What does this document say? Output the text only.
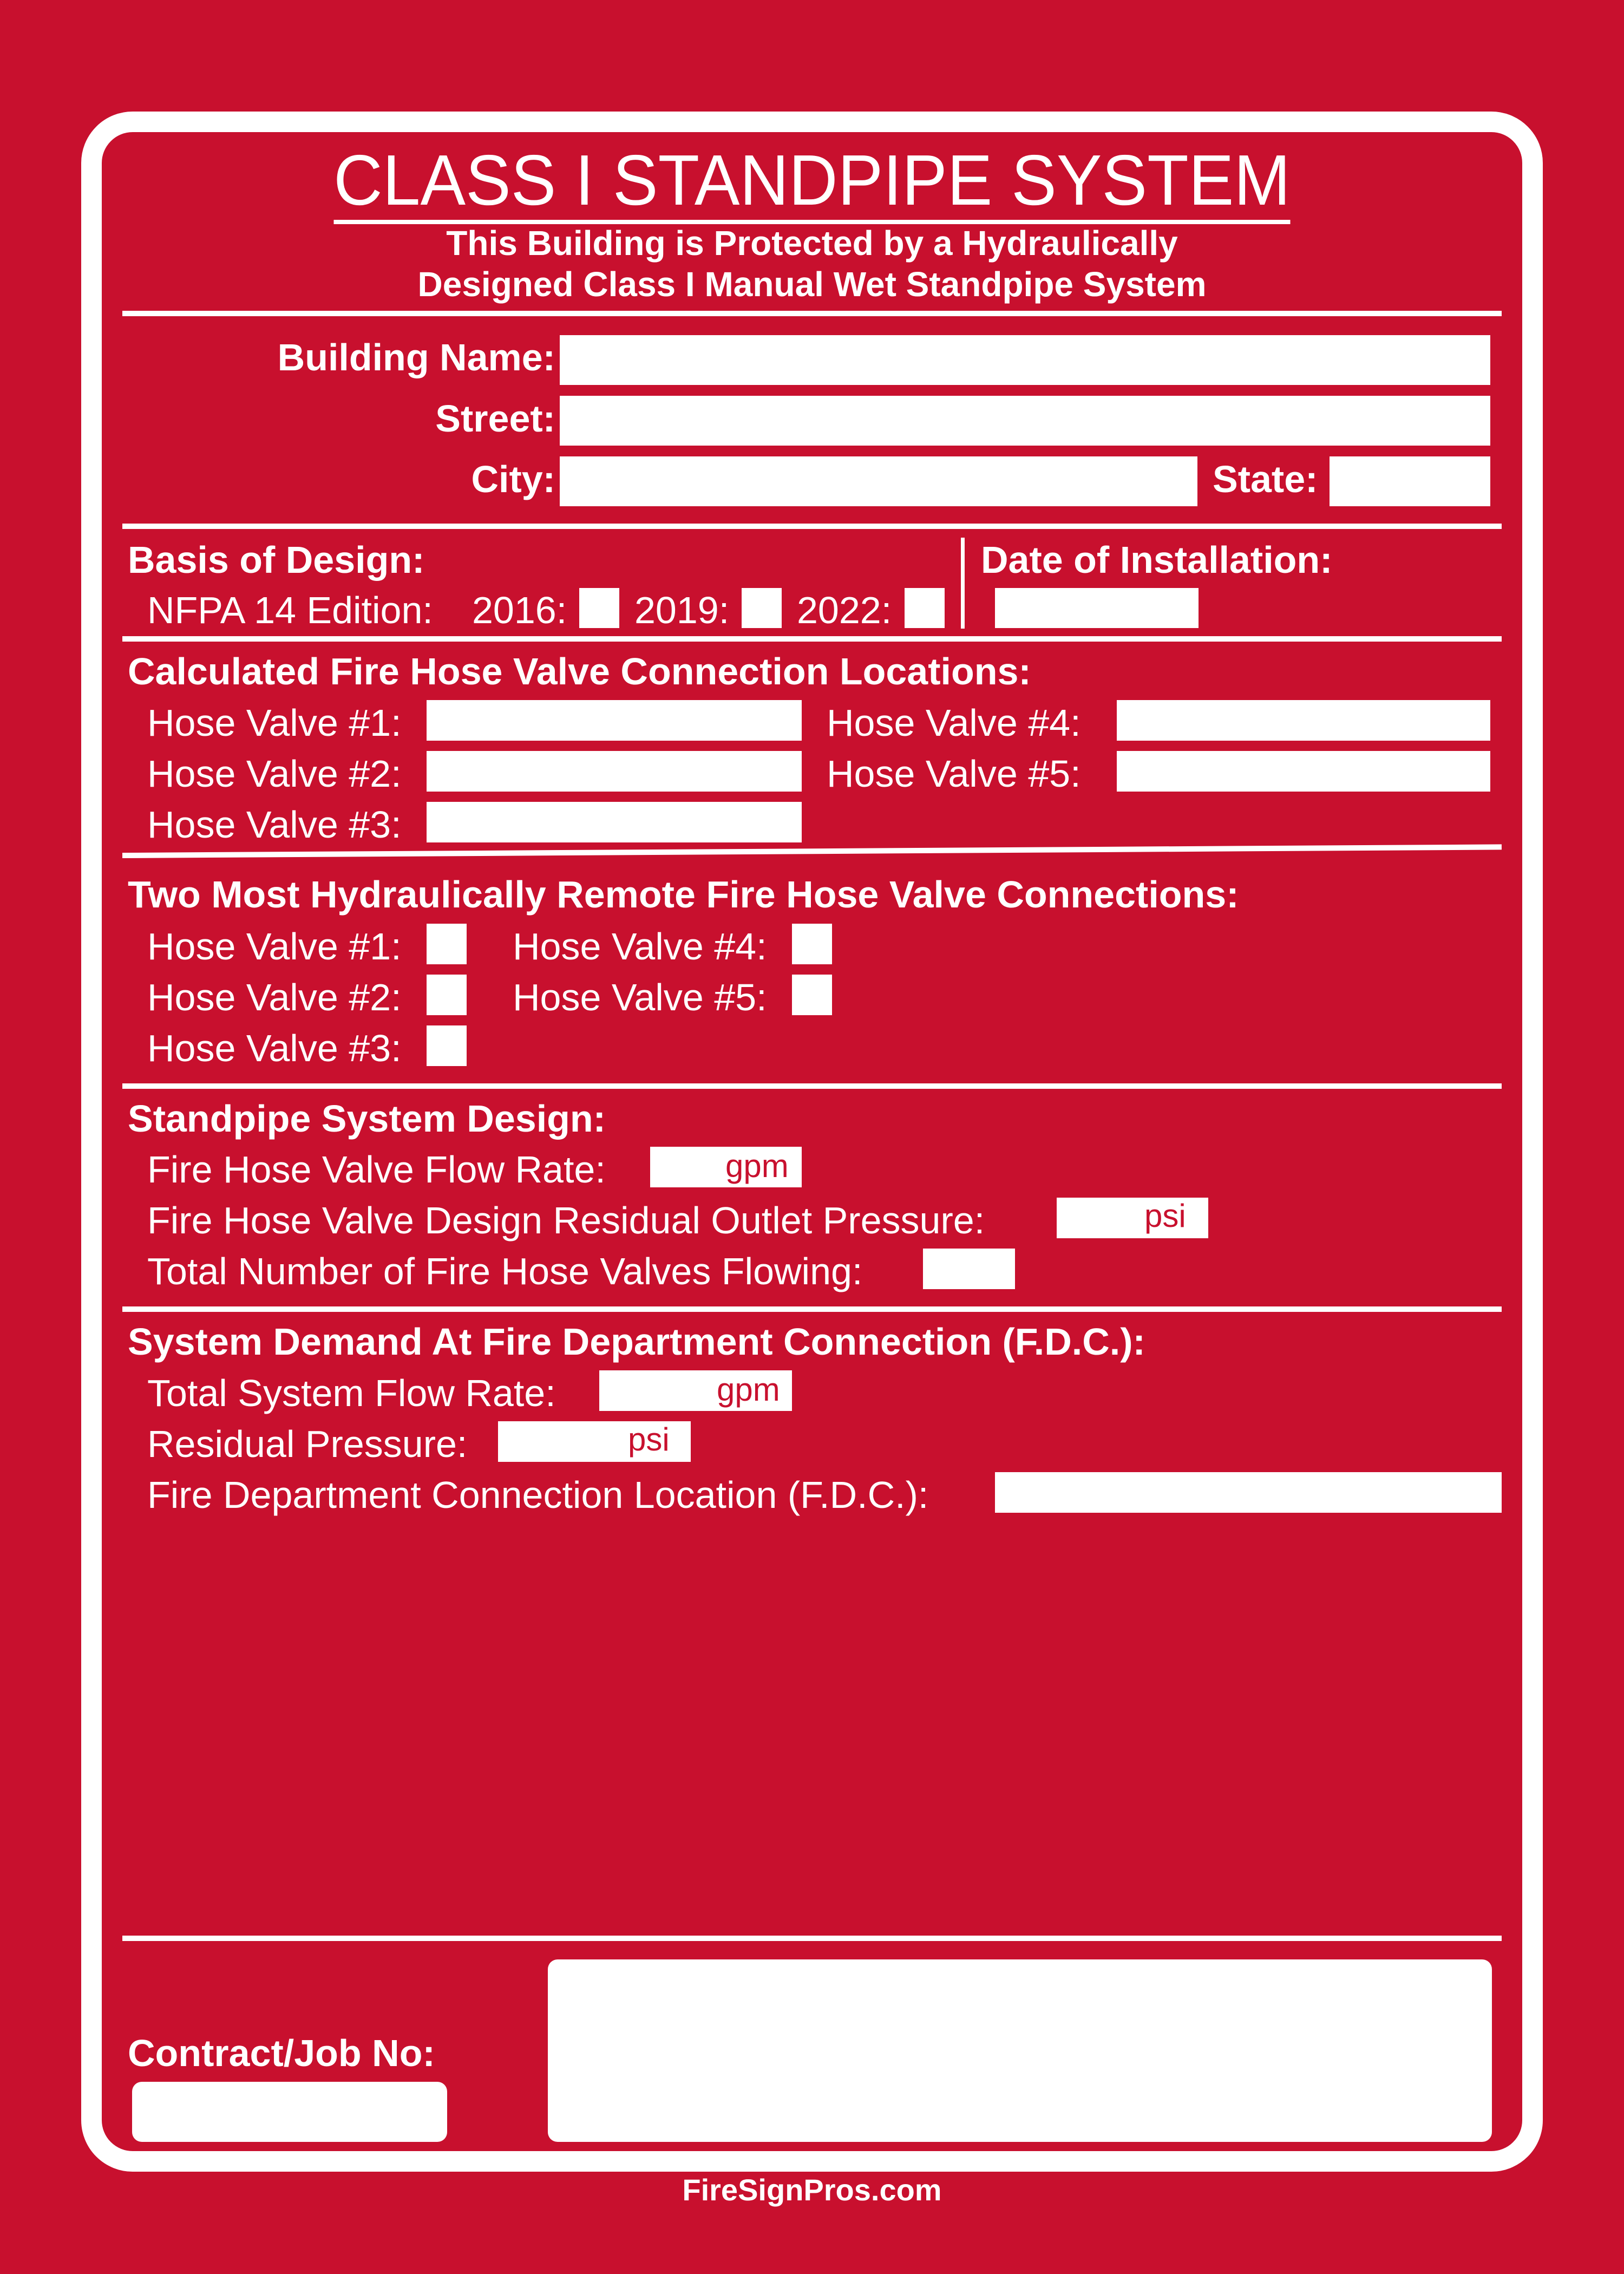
CLASS I STANDPIPE SYSTEM
This Building is Protected by a Hydraulically
Designed Class I Manual Wet Standpipe System
Building Name:
Street:
City:	State:
Basis of Design:
NFPA 14 Edition: 2016: 2019: 2022:
Date of Installation:
Calculated Fire Hose Valve Connection Locations:
Hose Valve #1:
Hose Valve #2:
Hose Valve #3:
Hose Valve #4:
Hose Valve #5:
Two Most Hydraulically Remote Fire Hose Valve Connections:
Hose Valve #1:
Hose Valve #2:
Hose Valve #3:
Hose Valve #4:
Hose Valve #5:
Standpipe System Design:
Fire Hose Valve Flow Rate:	gpm
Fire Hose Valve Design Residual Outlet Pressure:	psi
Total Number of Fire Hose Valves Flowing:
System Demand At Fire Department Connection (F.D.C.):
Total System Flow Rate:	gpm
Residual Pressure:	psi
Fire Department Connection Location (F.D.C.):
Contract/Job No:
FireSignPros.com
